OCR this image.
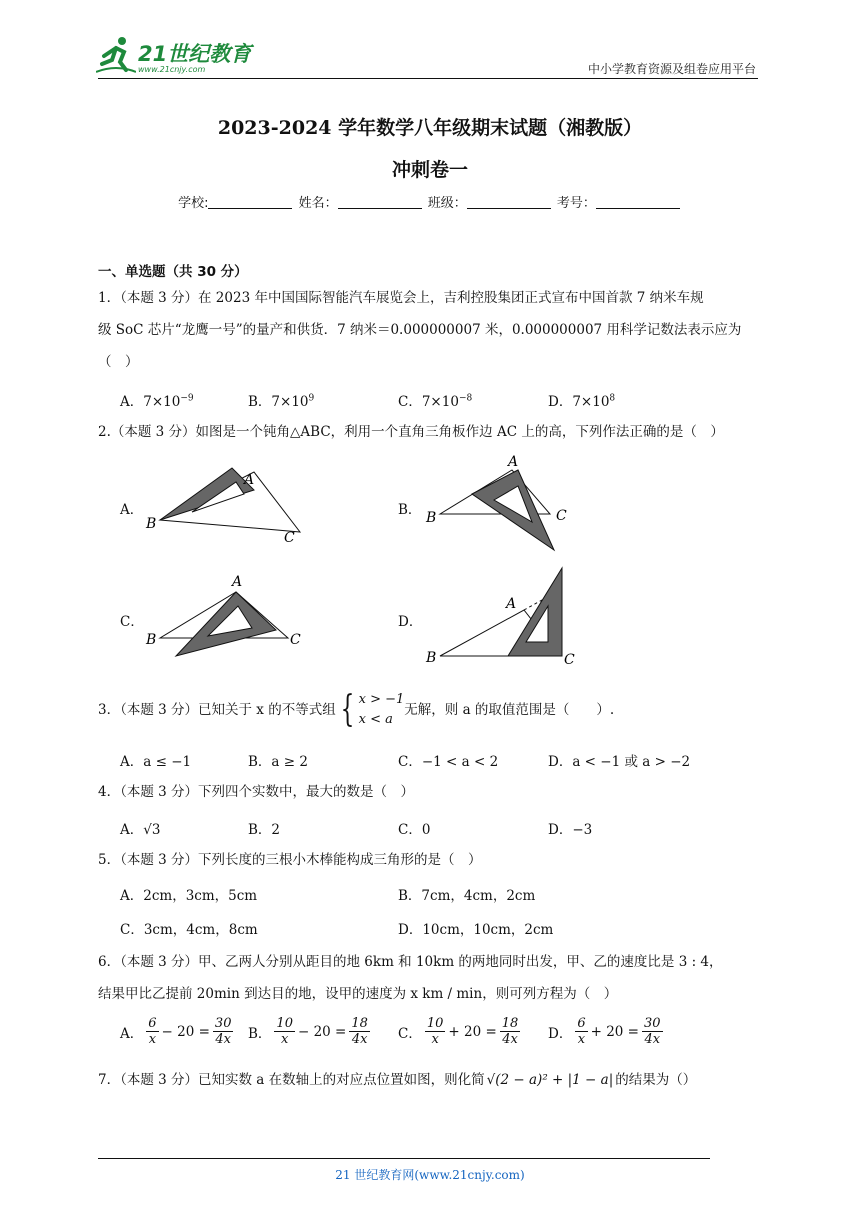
21世纪教育
www.21cnjy.com	中小学教育资源及组卷应用平台
2023-2024 学年数学八年级期末试题（湘教版）
冲刺卷一
学校:	姓名：	班级：	考号：
一、单选题（共 30 分）
1．（本题 3 分）在 2023 年中国国际智能汽车展览会上，吉利控股集团正式宣布中国首款 7 纳米车规
级 SoC 芯片“龙鹰一号”的量产和供货．7 纳米＝0.000000007 米，0.000000007 用科学记数法表示应为
（　）
A．$7\times 10^{-9}$	B．$7\times 10^9$	C．$7\times 10^{-8}$	D．$7\times 10^8$
2.（本题 3 分）如图是一个钝角△ABC，利用一个直角三角板作边 AC 上的高，下列作法正确的是（　）
A．
A
B
C
B．
A
B	C
C．
A
B	C
D．
A
B	C
3．（本题 3 分）已知关于 x 的不等式组 { x > −1
x < a
无解，则 a 的取值范围是（　　）.
A．a ≤ −1	B．a ≥ 2	C．−1 < a < 2	D．a < −1 或 a > −2
4．（本题 3 分）下列四个实数中，最大的数是（　）
A．√3	B．2	C．0	D．−3
5．（本题 3 分）下列长度的三根小木棒能构成三角形的是（　）
A．2cm，3cm，5cm	B．7cm，4cm，2cm
C．3cm，4cm，8cm	D．10cm，10cm，2cm
6．（本题 3 分）甲、乙两人分别从距目的地 6km 和 10km 的两地同时出发，甲、乙的速度比是 3 : 4，
结果甲比乙提前 20min 到达目的地，设甲的速度为 x km / min，则可列方程为（　）
A． $\frac{6}{x} - 20 = \frac{30}{4x}$ B． $\frac{10}{x} - 20 = \frac{18}{4x}$ C． $\frac{10}{x} + 20 = \frac{18}{4x}$ D． $\frac{6}{x} + 20 = \frac{30}{4x}$
7．（本题 3 分）已知实数 a 在数轴上的对应点位置如图，则化简 √(2 − a)² + |1 − a| 的结果为（）
21 世纪教育网(www.21cnjy.com)
